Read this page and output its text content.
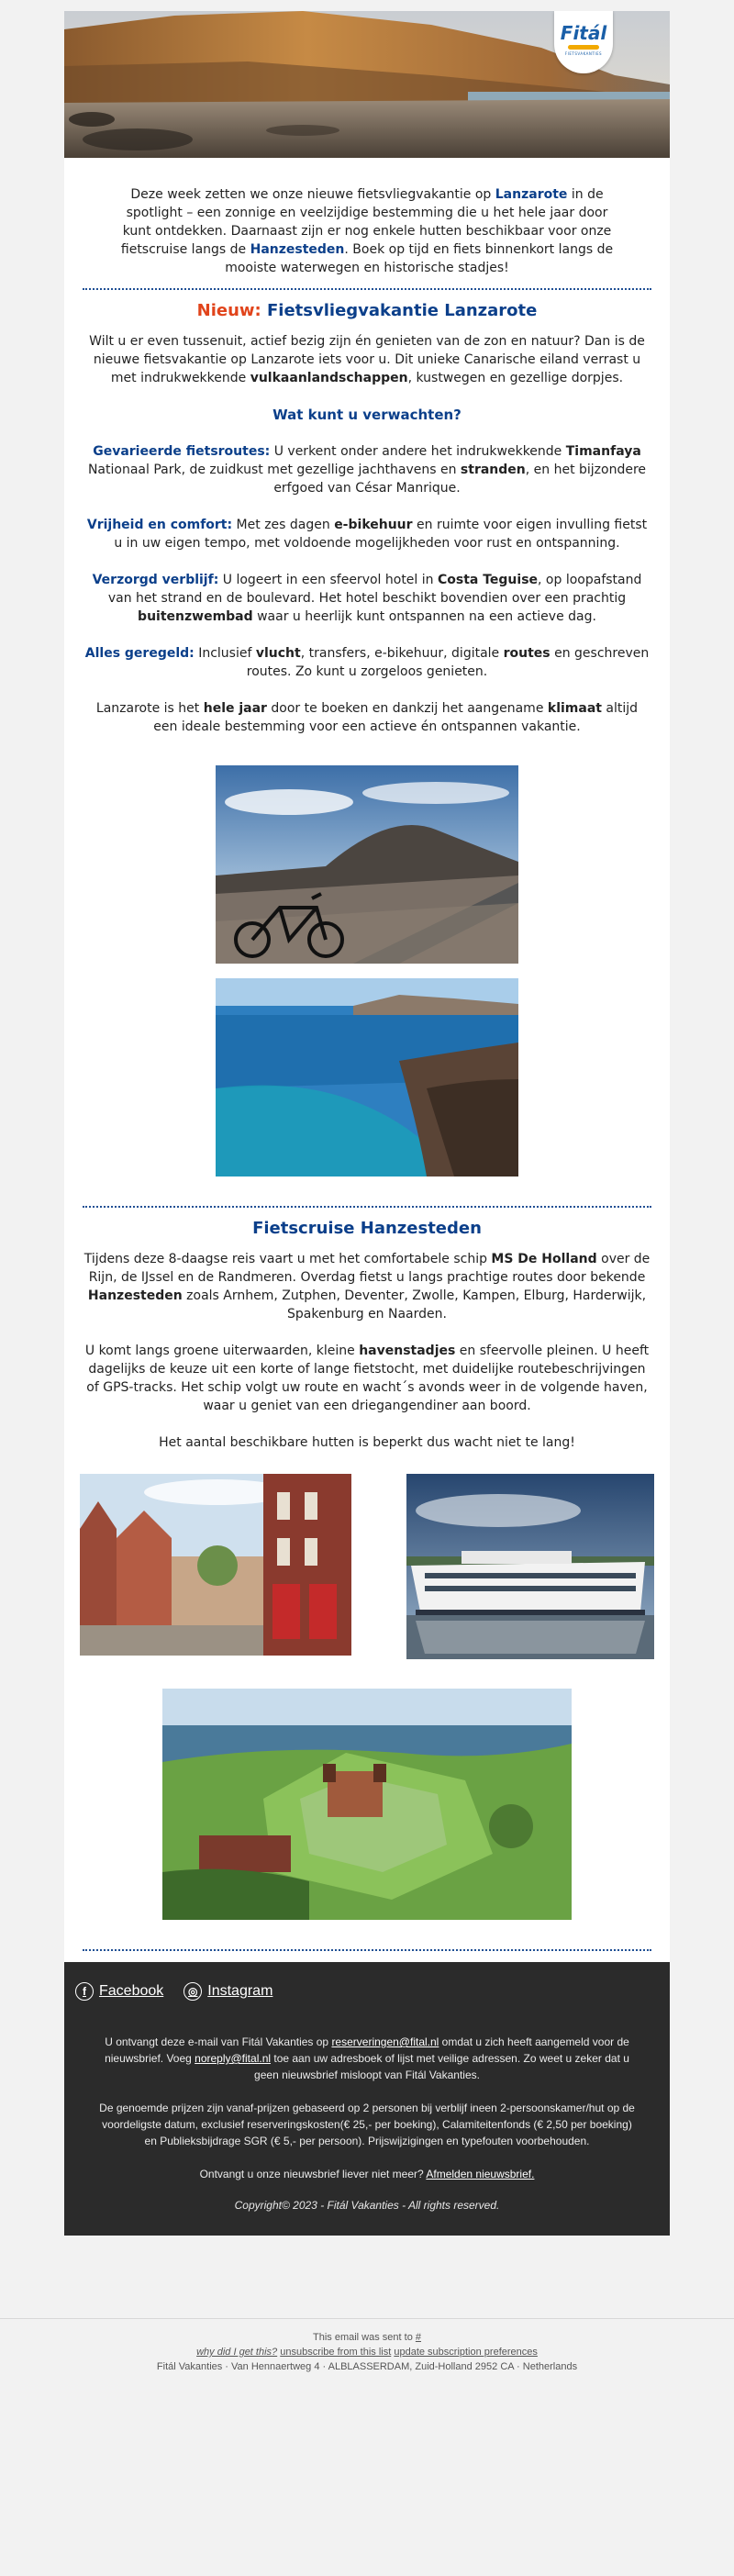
Fitál
FIETSVAKANTIES

Deze week zetten we onze nieuwe fietsvliegvakantie op Lanzarote in de spotlight – een zonnige en veelzijdige bestemming die u het hele jaar door kunt ontdekken. Daarnaast zijn er nog enkele hutten beschikbaar voor onze fietscruise langs de Hanzesteden. Boek op tijd en fiets binnenkort langs de mooiste waterwegen en historische stadjes!

Nieuw: Fietsvliegvakantie Lanzarote

Wilt u er even tussenuit, actief bezig zijn én genieten van de zon en natuur? Dan is de nieuwe fietsvakantie op Lanzarote iets voor u. Dit unieke Canarische eiland verrast u met indrukwekkende vulkaanlandschappen, kustwegen en gezellige dorpjes.

Wat kunt u verwachten?

Gevarieerde fietsroutes: U verkent onder andere het indrukwekkende Timanfaya Nationaal Park, de zuidkust met gezellige jachthavens en stranden, en het bijzondere erfgoed van César Manrique.

Vrijheid en comfort: Met zes dagen e-bikehuur en ruimte voor eigen invulling fietst u in uw eigen tempo, met voldoende mogelijkheden voor rust en ontspanning.

Verzorgd verblijf: U logeert in een sfeervol hotel in Costa Teguise, op loopafstand van het strand en de boulevard. Het hotel beschikt bovendien over een prachtig buitenzwembad waar u heerlijk kunt ontspannen na een actieve dag.

Alles geregeld: Inclusief vlucht, transfers, e-bikehuur, digitale routes en geschreven routes. Zo kunt u zorgeloos genieten.

Lanzarote is het hele jaar door te boeken en dankzij het aangename klimaat altijd een ideale bestemming voor een actieve én ontspannen vakantie.

Fietscruise Hanzesteden

Tijdens deze 8-daagse reis vaart u met het comfortabele schip MS De Holland over de Rijn, de IJssel en de Randmeren. Overdag fietst u langs prachtige routes door bekende Hanzesteden zoals Arnhem, Zutphen, Deventer, Zwolle, Kampen, Elburg, Harderwijk, Spakenburg en Naarden.

U komt langs groene uiterwaarden, kleine havenstadjes en sfeervolle pleinen. U heeft dagelijks de keuze uit een korte of lange fietstocht, met duidelijke routebeschrijvingen of GPS-tracks. Het schip volgt uw route en wacht´s avonds weer in de volgende haven, waar u geniet van een driegangendiner aan boord.

Het aantal beschikbare hutten is beperkt dus wacht niet te lang!

f Facebook	◎ Instagram
U ontvangt deze e-mail van Fitál Vakanties op reserveringen@fital.nl omdat u zich heeft aangemeld voor de nieuwsbrief. Voeg noreply@fital.nl toe aan uw adresboek of lijst met veilige adressen. Zo weet u zeker dat u geen nieuwsbrief misloopt van Fitál Vakanties.
De genoemde prijzen zijn vanaf-prijzen gebaseerd op 2 personen bij verblijf ineen 2-persoonskamer/hut op de voordeligste datum, exclusief reserveringskosten(€ 25,- per boeking), Calamiteitenfonds (€ 2,50 per boeking) en Publieksbijdrage SGR (€ 5,- per persoon). Prijswijzigingen en typefouten voorbehouden.
Ontvangt u onze nieuwsbrief liever niet meer? Afmelden nieuwsbrief.
Copyright© 2023 - Fitál Vakanties - All rights reserved.
This email was sent to #
why did I get this? unsubscribe from this list update subscription preferences
Fitál Vakanties · Van Hennaertweg 4 · ALBLASSERDAM, Zuid-Holland 2952 CA · Netherlands
